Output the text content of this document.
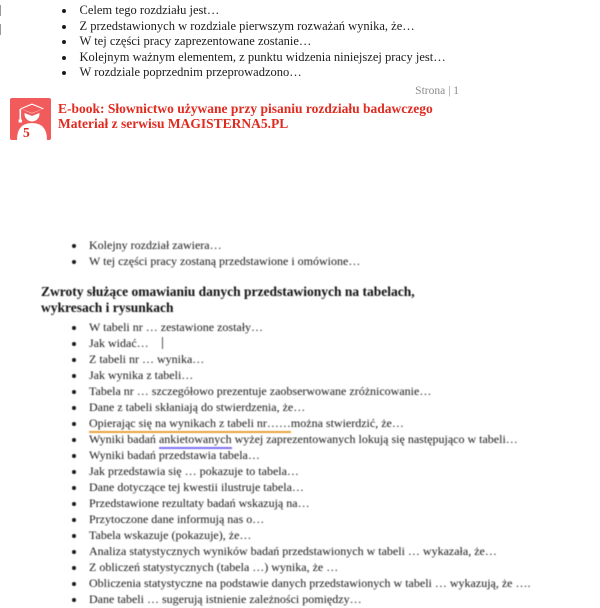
• Celem tego rozdziału jest…
• Z przedstawionych w rozdziale pierwszym rozważań wynika, że…
• W tej części pracy zaprezentowane zostanie…
• Kolejnym ważnym elementem, z punktu widzenia niniejszej pracy jest…
• W rozdziale poprzednim przeprowadzono…
Strona | 1
5
E-book: Słownictwo używane przy pisaniu rozdziału badawczego
Materiał z serwisu MAGISTERNA5.PL
• Kolejny rozdział zawiera…
• W tej części pracy zostaną przedstawione i omówione…
Zwroty służące omawianiu danych przedstawionych na tabelach, wykresach i rysunkach
• W tabeli nr … zestawione zostały…
• Jak widać…
• Z tabeli nr … wynika…
• Jak wynika z tabeli…
• Tabela nr … szczegółowo prezentuje zaobserwowane zróżnicowanie…
• Dane z tabeli skłaniają do stwierdzenia, że…
• Opierając się na wynikach z tabeli nr……można stwierdzić, że…
• Wyniki badań ankietowanych wyżej zaprezentowanych lokują się następująco w tabeli…
• Wyniki badań przedstawia tabela…
• Jak przedstawia się … pokazuje to tabela…
• Dane dotyczące tej kwestii ilustruje tabela…
• Przedstawione rezultaty badań wskazują na…
• Przytoczone dane informują nas o…
• Tabela wskazuje (pokazuje), że…
• Analiza statystycznych wyników badań przedstawionych w tabeli … wykazała, że…
• Z obliczeń statystycznych (tabela …) wynika, że …
• Obliczenia statystyczne na podstawie danych przedstawionych w tabeli … wykazują, że ….
• Dane tabeli … sugerują istnienie zależności pomiędzy…
